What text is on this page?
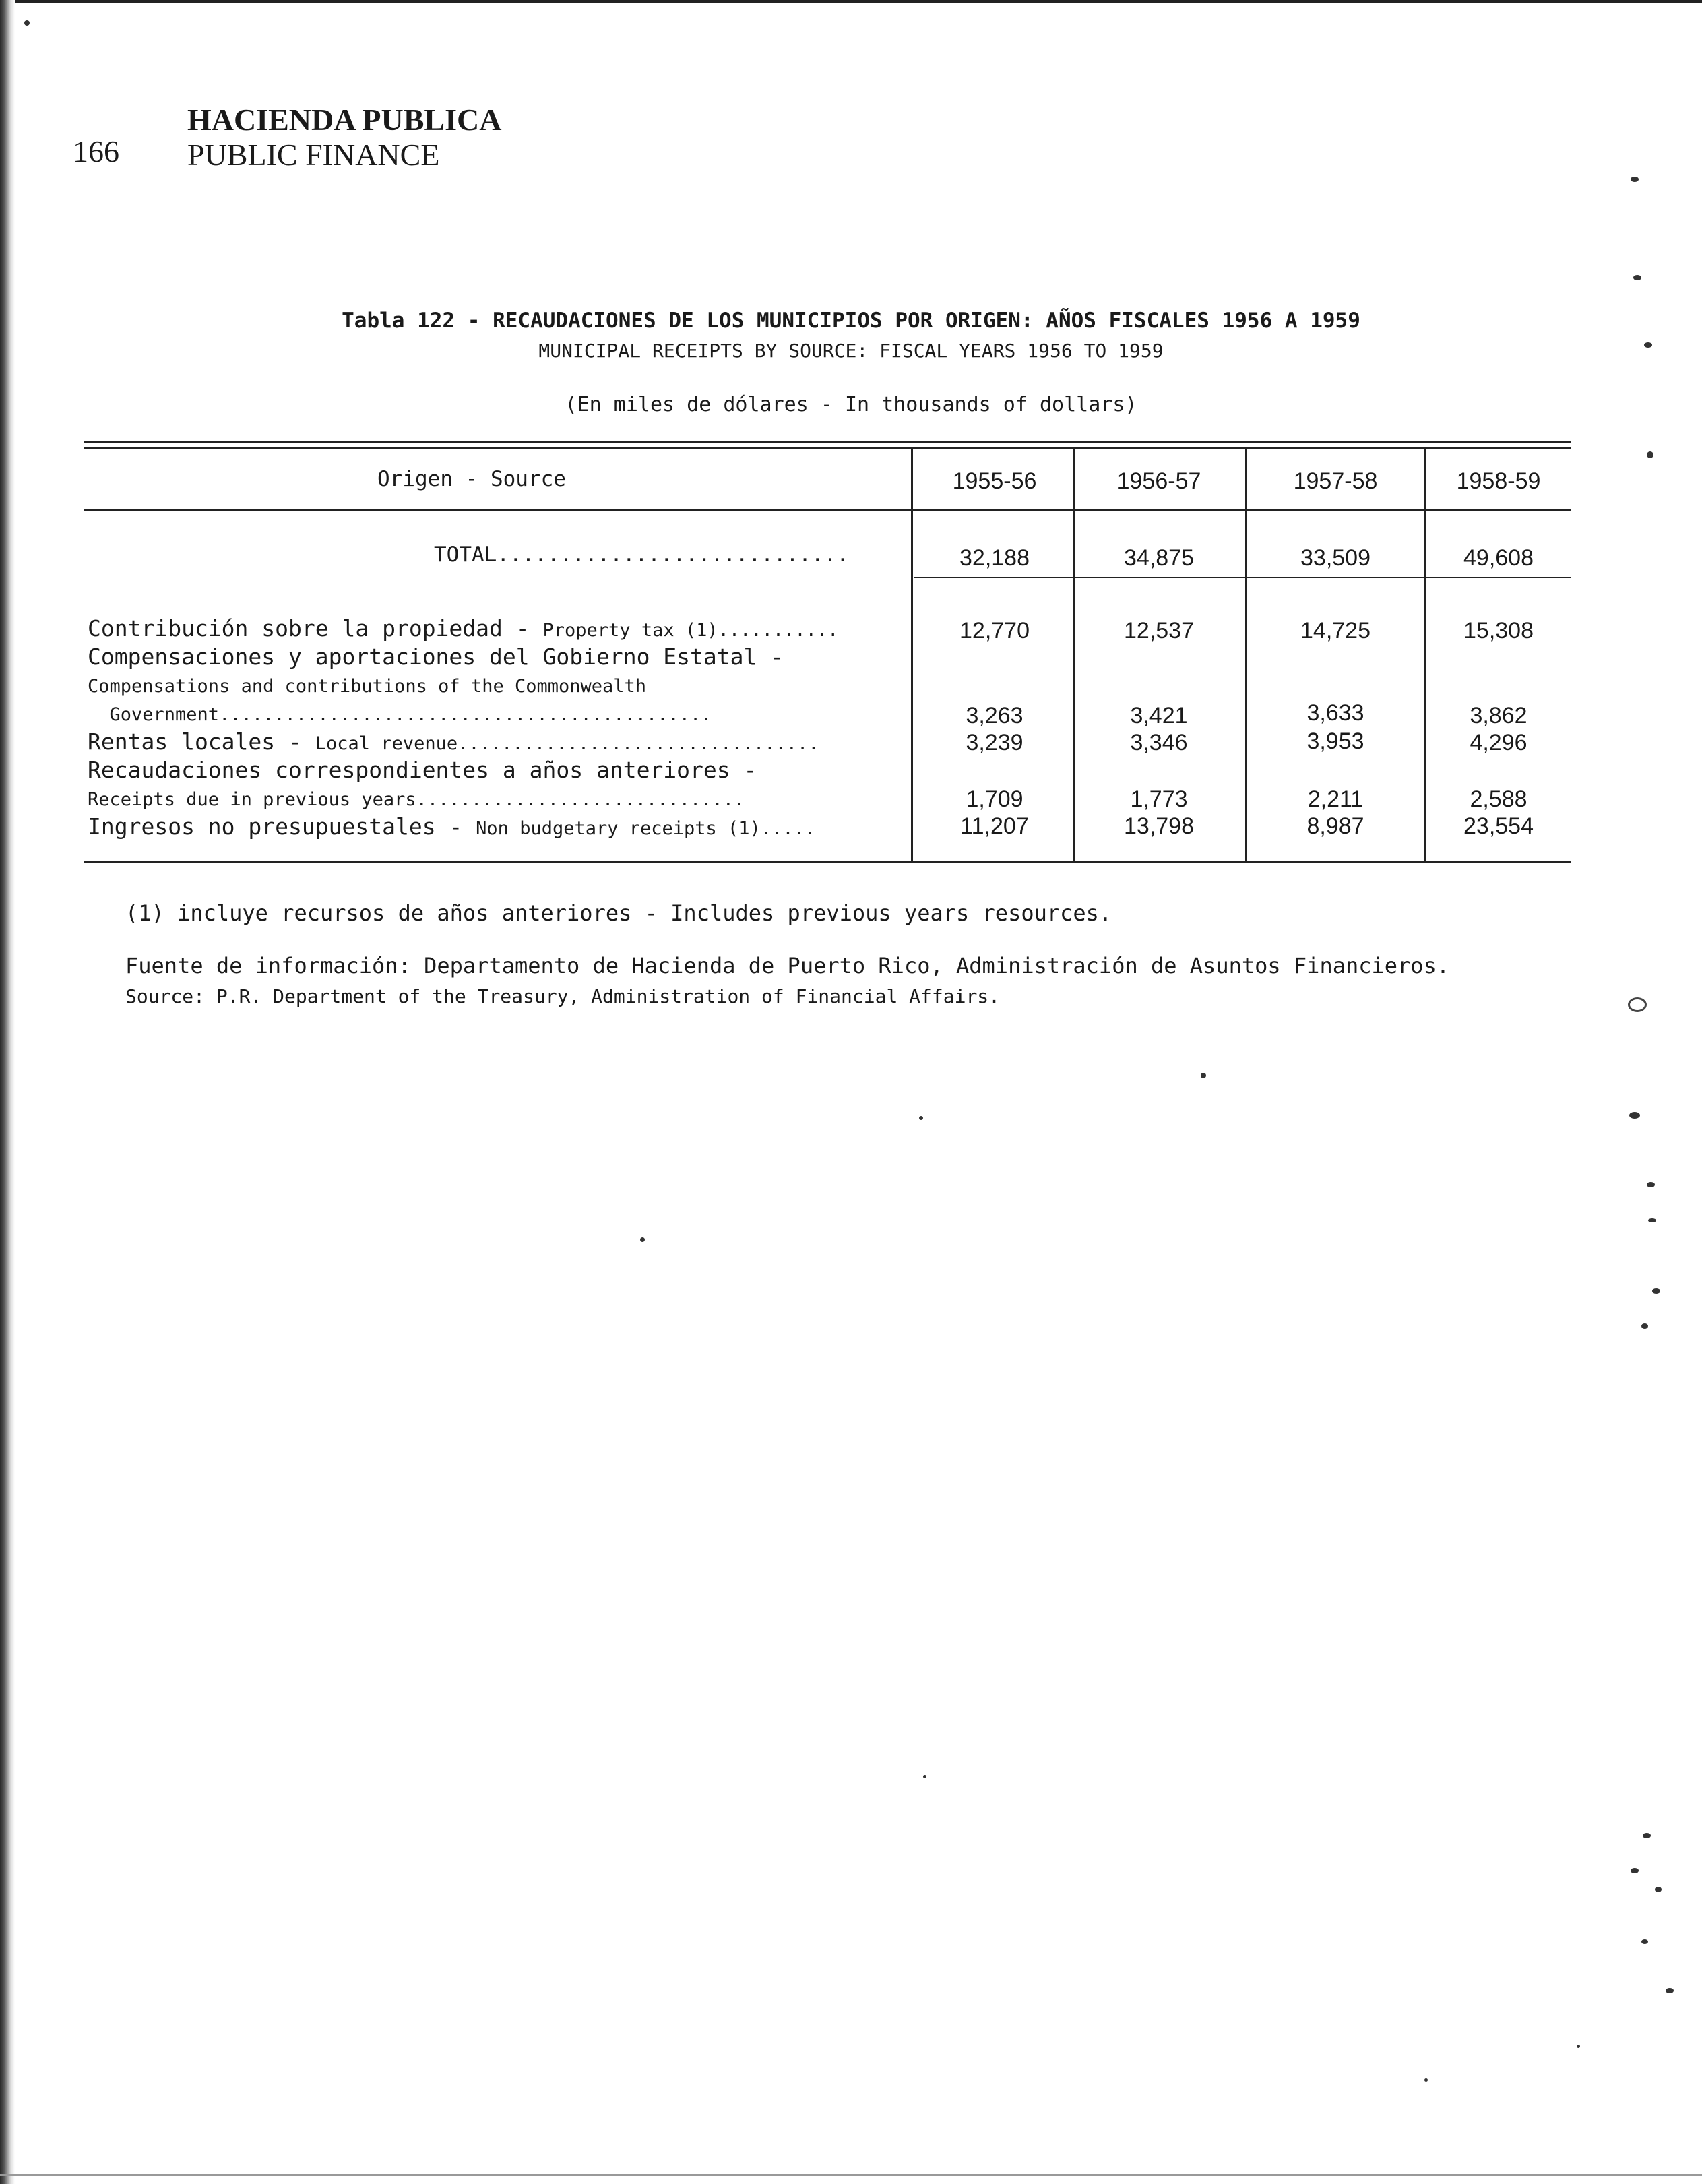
166
HACIENDA PUBLICA
PUBLIC FINANCE
Tabla 122 - RECAUDACIONES DE LOS MUNICIPIOS POR ORIGEN: AÑOS FISCALES 1956 A 1959
MUNICIPAL RECEIPTS BY SOURCE: FISCAL YEARS 1956 TO 1959
(En miles de dólares - In thousands of dollars)
Origen - Source	1955-56	1956-57	1957-58	1958-59
TOTAL............................	32,188	34,875	33,509	49,608
Contribución sobre la propiedad - Property tax (1)...........	12,770	12,537	14,725	15,308
Compensaciones y aportaciones del Gobierno Estatal -
Compensations and contributions of the Commonwealth
Government.............................................	3,263	3,421	3,633	3,862
Rentas locales - Local revenue.................................	3,239	3,346	3,953	4,296
Recaudaciones correspondientes a años anteriores -
Receipts due in previous years..............................	1,709	1,773	2,211	2,588
Ingresos no presupuestales - Non budgetary receipts (1).....	11,207	13,798	8,987	23,554
(1) incluye recursos de años anteriores - Includes previous years resources.
Fuente de información: Departamento de Hacienda de Puerto Rico, Administración de Asuntos Financieros.
Source: P.R. Department of the Treasury, Administration of Financial Affairs.
